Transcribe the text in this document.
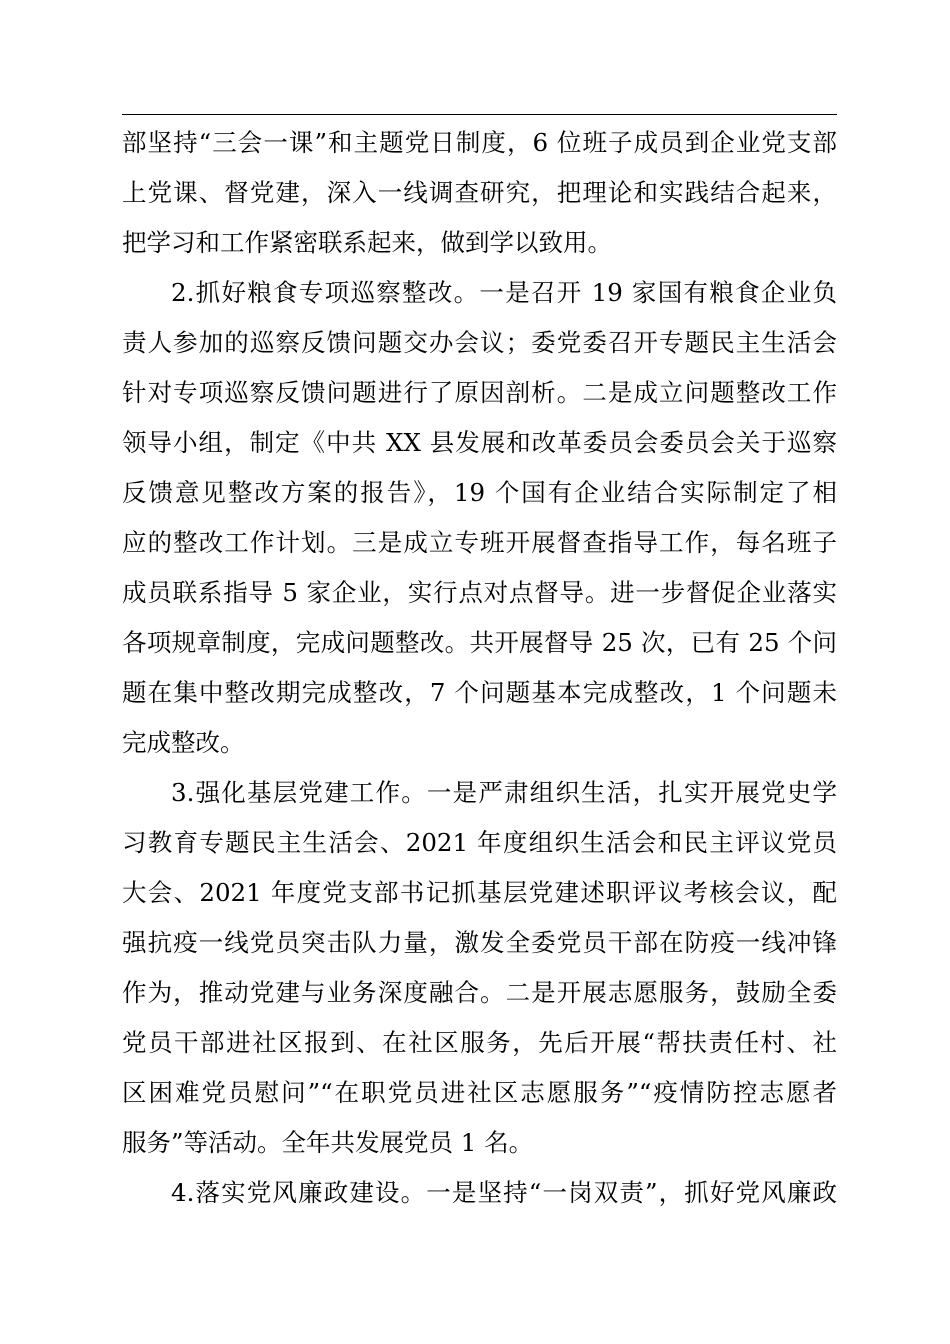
部坚持“三会一课”和主题党日制度，6 位班子成员到企业党支部
上党课、督党建，深入一线调查研究，把理论和实践结合起来，
把学习和工作紧密联系起来，做到学以致用。
2.抓好粮食专项巡察整改。一是召开 19 家国有粮食企业负
责人参加的巡察反馈问题交办会议；委党委召开专题民主生活会
针对专项巡察反馈问题进行了原因剖析。二是成立问题整改工作
领导小组，制定《中共 XX 县发展和改革委员会委员会关于巡察
反馈意见整改方案的报告》，19 个国有企业结合实际制定了相
应的整改工作计划。三是成立专班开展督查指导工作，每名班子
成员联系指导 5 家企业，实行点对点督导。进一步督促企业落实
各项规章制度，完成问题整改。共开展督导 25 次，已有 25 个问
题在集中整改期完成整改，7 个问题基本完成整改，1 个问题未
完成整改。
3.强化基层党建工作。一是严肃组织生活，扎实开展党史学
习教育专题民主生活会、2021 年度组织生活会和民主评议党员
大会、2021 年度党支部书记抓基层党建述职评议考核会议，配
强抗疫一线党员突击队力量，激发全委党员干部在防疫一线冲锋
作为，推动党建与业务深度融合。二是开展志愿服务，鼓励全委
党员干部进社区报到、在社区服务，先后开展“帮扶责任村、社
区困难党员慰问”“在职党员进社区志愿服务”“疫情防控志愿者
服务”等活动。全年共发展党员 1 名。
4.落实党风廉政建设。一是坚持“一岗双责”，抓好党风廉政
